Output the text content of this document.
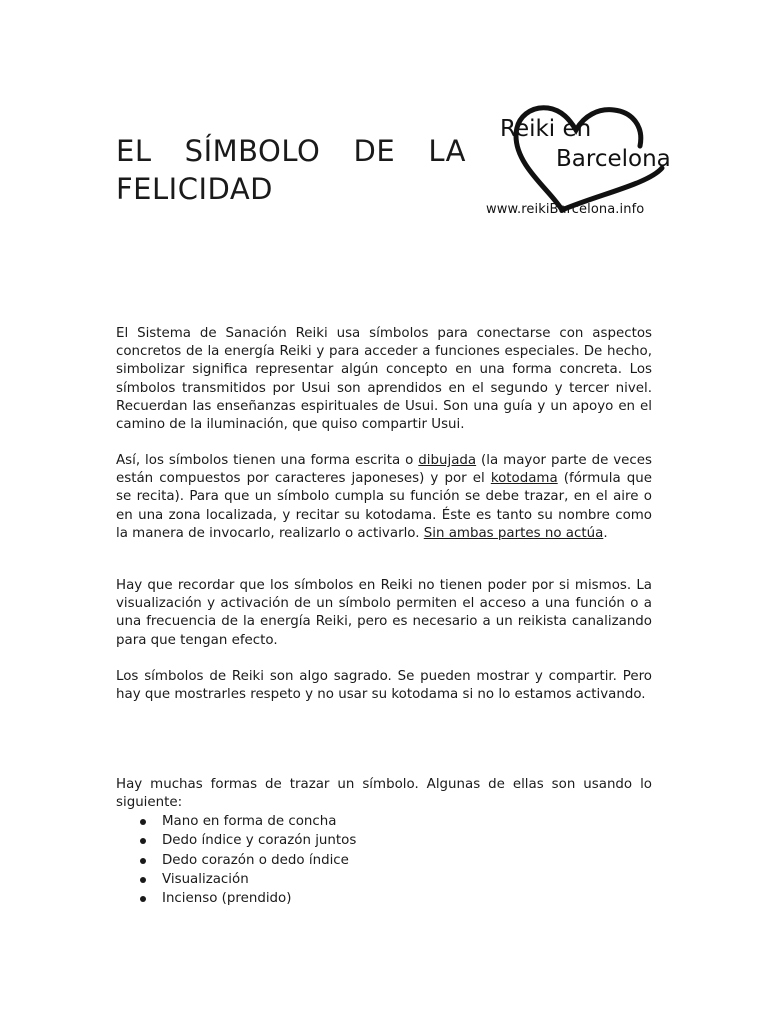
EL SÍMBOLO DE LA
FELICIDAD
Reiki en
Barcelona
www.reikiBarcelona.info

El Sistema de Sanación Reiki usa símbolos para conectarse con aspectos concretos de la energía Reiki y para acceder a funciones especiales. De hecho, simbolizar significa representar algún concepto en una forma concreta. Los símbolos transmitidos por Usui son aprendidos en el segundo y tercer nivel. Recuerdan las enseñanzas espirituales de Usui. Son una guía y un apoyo en el camino de la iluminación, que quiso compartir Usui.

Así, los símbolos tienen una forma escrita o dibujada (la mayor parte de veces están compuestos por caracteres japoneses) y por el kotodama (fórmula que se recita). Para que un símbolo cumpla su función se debe trazar, en el aire o en una zona localizada, y recitar su kotodama. Éste es tanto su nombre como la manera de invocarlo, realizarlo o activarlo. Sin ambas partes no actúa.

Hay que recordar que los símbolos en Reiki no tienen poder por si mismos. La visualización y activación de un símbolo permiten el acceso a una función o a una frecuencia de la energía Reiki, pero es necesario a un reikista canalizando para que tengan efecto.

Los símbolos de Reiki son algo sagrado. Se pueden mostrar y compartir. Pero hay que mostrarles respeto y no usar su kotodama si no lo estamos activando.

Hay muchas formas de trazar un símbolo. Algunas de ellas son usando lo siguiente:

Mano en forma de concha
Dedo índice y corazón juntos
Dedo corazón o dedo índice
Visualización
Incienso (prendido)
